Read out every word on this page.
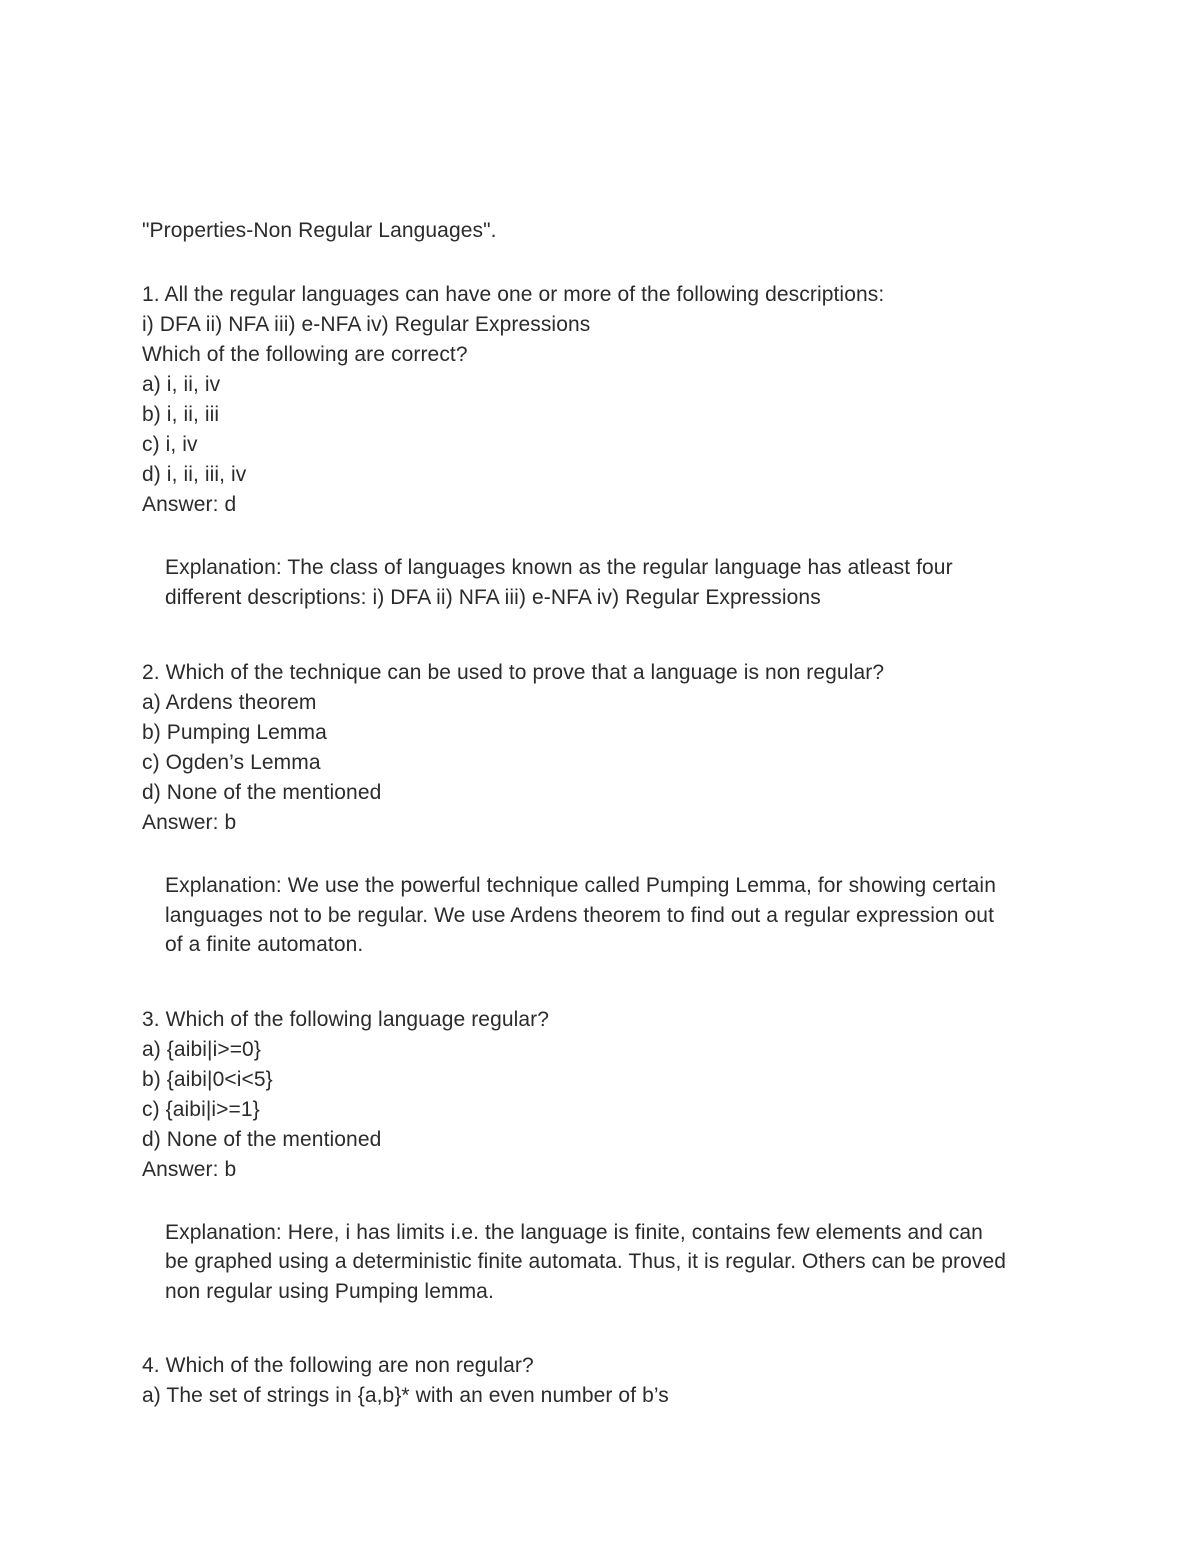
"Properties-Non Regular Languages".
1. All the regular languages can have one or more of the following descriptions:
i) DFA ii) NFA iii) e-NFA iv) Regular Expressions
Which of the following are correct?
a) i, ii, iv
b) i, ii, iii
c) i, iv
d) i, ii, iii, iv
Answer: d
Explanation: The class of languages known as the regular language has atleast four
different descriptions: i) DFA ii) NFA iii) e-NFA iv) Regular Expressions
2. Which of the technique can be used to prove that a language is non regular?
a) Ardens theorem
b) Pumping Lemma
c) Ogden’s Lemma
d) None of the mentioned
Answer: b
Explanation: We use the powerful technique called Pumping Lemma, for showing certain
languages not to be regular. We use Ardens theorem to find out a regular expression out
of a finite automaton.
3. Which of the following language regular?
a) {aibi|i>=0}
b) {aibi|0<i<5}
c) {aibi|i>=1}
d) None of the mentioned
Answer: b
Explanation: Here, i has limits i.e. the language is finite, contains few elements and can
be graphed using a deterministic finite automata. Thus, it is regular. Others can be proved
non regular using Pumping lemma.
4. Which of the following are non regular?
a) The set of strings in {a,b}* with an even number of b’s
